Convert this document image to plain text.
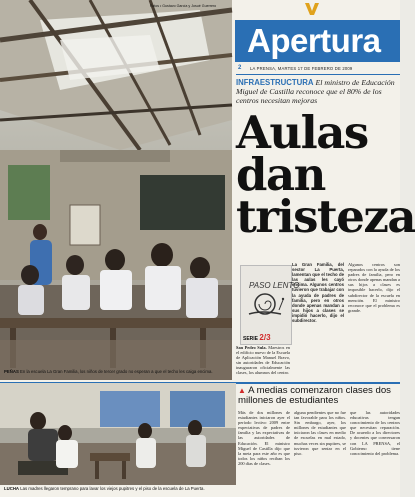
Fotos • Gustavo García y Josué Guerrero
PEÑAS En la escuela La Gran Familia, los niños de tercer grado no esperan a que el techo les caiga encima.
Apertura
2 LA PRENSA, MARTES 17 DE FEBRERO DE 2009
INFRAESTRUCTURA El ministro de Educación Miguel de Castilla reconoce que el 80% de los centros necesitan mejoras
Aulas
dan
tristeza
La Gran Familia, del sector La Puerta, lamentan que el techo de las aulas les cayó encima. Algunos centros tuvieron que trabajar con la ayuda de padres de familia, pero en otros donde apenas mandan a sus hijos a clases se impidió hacerlo, dijo el subdirector.
Algunos centros son reparados con la ayuda de los padres de familia, pero en otros donde apenas mandan a sus hijos a clases es imposible hacerlo, dijo el subdirector de la escuela en mención. El ministro reconoce que el problema es grande.
San Pedro Sula. Maestros en el edificio nuevo de la Escuela de Aplicación Manuel Bravo, sin autoridades de Educación inauguraron oficialmente las clases, los alumnos del centro.
PASO LENTO
SERIE 2/3
LUCHA Las madres llegaron temprano para lavar los viejos pupitres y el piso de la escuela de La Puerta.
▲ A medias comenzaron clases dos millones de estudiantes
Más de dos millones de estudiantes iniciaron ayer el período lectivo 2009 entre expectativas de padres de familia y las expectativas de las autoridades de Educación. El ministro Miguel de Castilla dijo que la meta para este año es que todos los niños reciban los 200 días de clases.
alguna pendientes que no fue tan favorable para los niños. Sin embargo, ayer, los millones de estudiantes que iniciaron las clases en medio de escuelas en mal estado, muchas veces sin pupitres, se tuvieron que sentar en el piso.
que las autoridades educativas tengan conocimiento de los centros que necesitan reparación. De acuerdo a los directores y docentes que conversaron con LA PRENSA, el Gobierno tiene conocimiento del problema.
